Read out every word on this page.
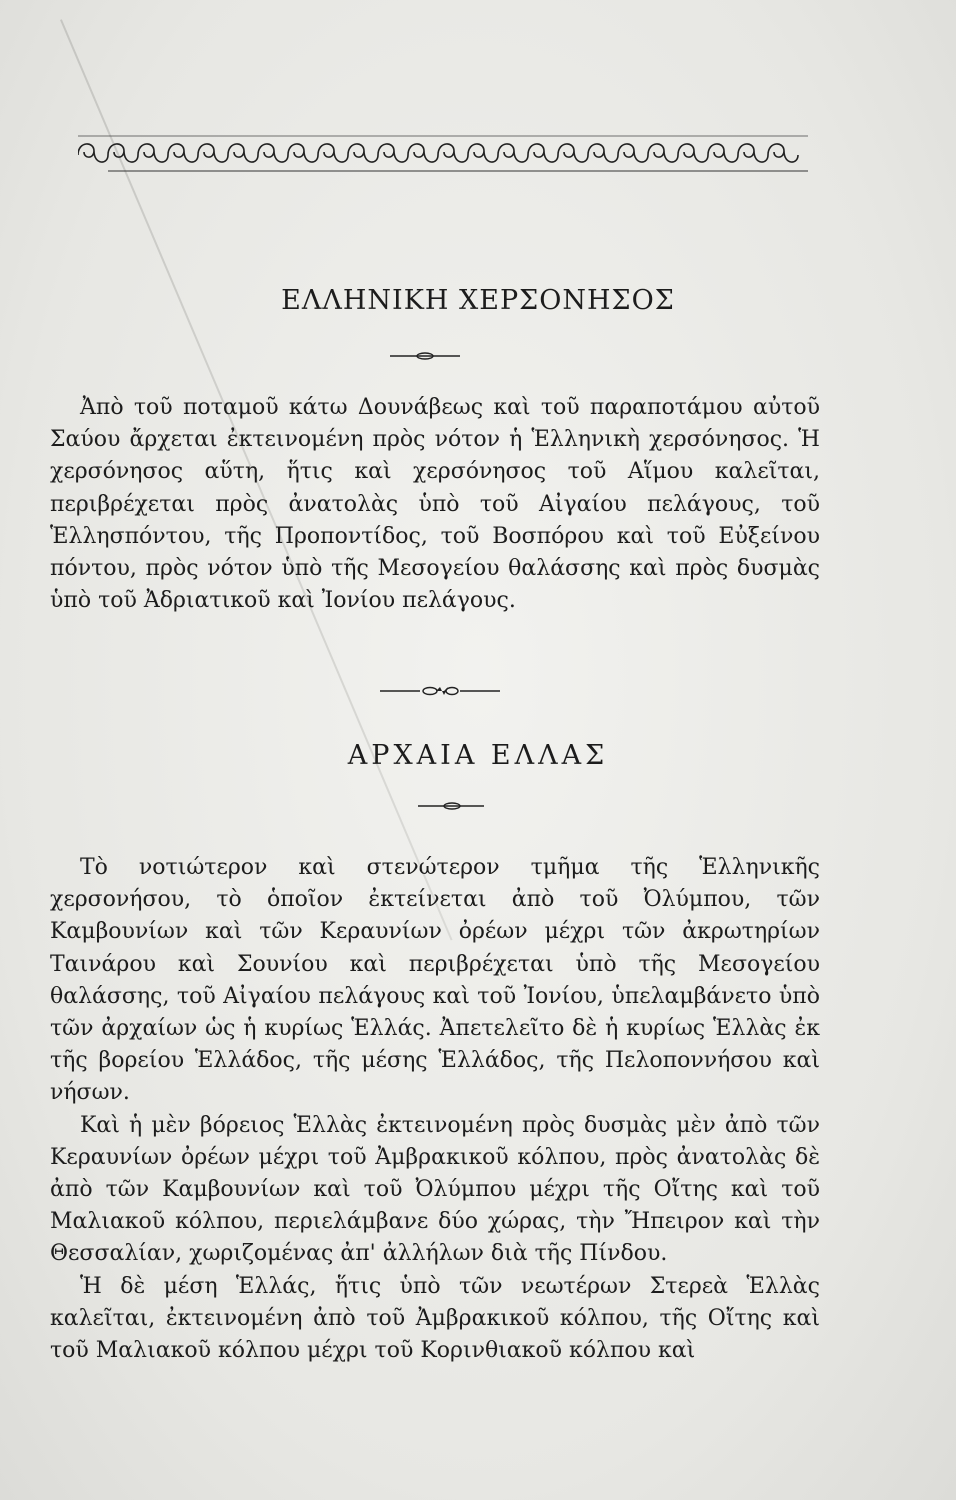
ΕΛΛΗΝΙΚΗ ΧΕΡΣΟΝΗΣΟΣ

Ἀπὸ τοῦ ποταμοῦ κάτω Δουνάβεως καὶ τοῦ παραποτάμου αὐτοῦ Σαύου ἄρχεται ἐκτεινομένη πρὸς νότον ἡ Ἑλληνικὴ χερσόνησος. Ἡ χερσόνησος αὕτη, ἥτις καὶ χερσόνησος τοῦ Αἵμου καλεῖται, περιβρέχεται πρὸς ἀνατολὰς ὑπὸ τοῦ Αἰγαίου πελάγους, τοῦ Ἑλλησπόντου, τῆς Προποντίδος, τοῦ Βοσπόρου καὶ τοῦ Εὐξείνου πόντου, πρὸς νότον ὑπὸ τῆς Μεσογείου θαλάσσης καὶ πρὸς δυσμὰς ὑπὸ τοῦ Ἀδριατικοῦ καὶ Ἰονίου πελάγους.

ΑΡΧΑΙΑ ΕΛΛΑΣ

Τὸ νοτιώτερον καὶ στενώτερον τμῆμα τῆς Ἑλληνικῆς χερσονήσου, τὸ ὁποῖον ἐκτείνεται ἀπὸ τοῦ Ὀλύμπου, τῶν Καμβουνίων καὶ τῶν Κεραυνίων ὀρέων μέχρι τῶν ἀκρωτηρίων Ταινάρου καὶ Σουνίου καὶ περιβρέχεται ὑπὸ τῆς Μεσογείου θαλάσσης, τοῦ Αἰγαίου πελάγους καὶ τοῦ Ἰονίου, ὑπελαμβάνετο ὑπὸ τῶν ἀρχαίων ὡς ἡ κυρίως Ἑλλάς. Ἀπετελεῖτο δὲ ἡ κυρίως Ἑλλὰς ἐκ τῆς βορείου Ἑλλάδος, τῆς μέσης Ἑλλάδος, τῆς Πελοποννήσου καὶ νήσων.

Καὶ ἡ μὲν βόρειος Ἑλλὰς ἐκτεινομένη πρὸς δυσμὰς μὲν ἀπὸ τῶν Κεραυνίων ὀρέων μέχρι τοῦ Ἀμβρακικοῦ κόλπου, πρὸς ἀνατολὰς δὲ ἀπὸ τῶν Καμβουνίων καὶ τοῦ Ὀλύμπου μέχρι τῆς Οἴτης καὶ τοῦ Μαλιακοῦ κόλπου, περιελάμβανε δύο χώρας, τὴν Ἤπειρον καὶ τὴν Θεσσαλίαν, χωριζομένας ἀπ' ἀλλήλων διὰ τῆς Πίνδου.

Ἡ δὲ μέση Ἑλλάς, ἥτις ὑπὸ τῶν νεωτέρων Στερεὰ Ἑλλὰς καλεῖται, ἐκτεινομένη ἀπὸ τοῦ Ἀμβρακικοῦ κόλπου, τῆς Οἴτης καὶ τοῦ Μαλιακοῦ κόλπου μέχρι τοῦ Κορινθιακοῦ κόλπου καὶ
